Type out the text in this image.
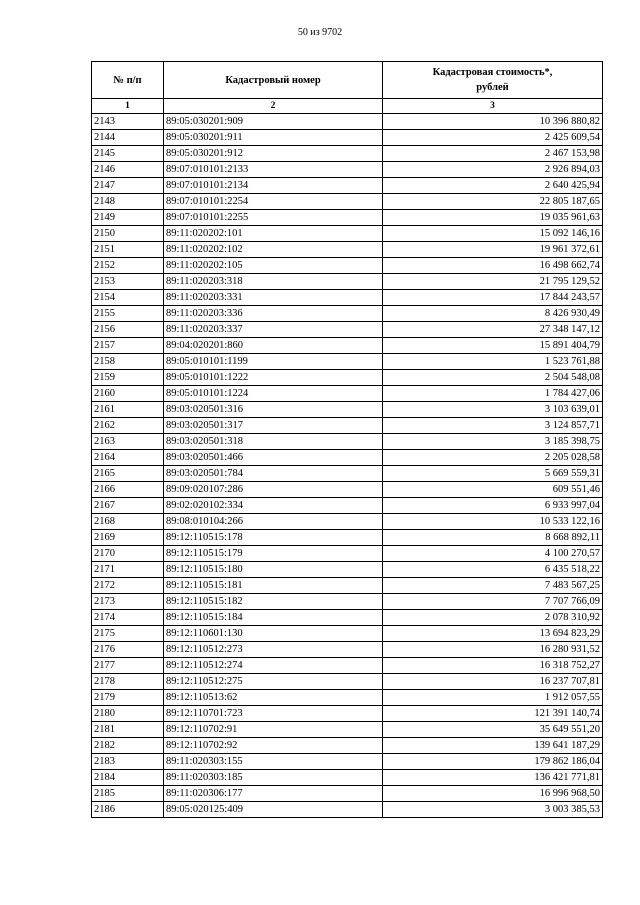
50 из 9702
№ п/п	Кадастровый номер	Кадастровая стоимость*,
рублей
1	2	3
2143	89:05:030201:909	10 396 880,82
2144	89:05:030201:911	2 425 609,54
2145	89:05:030201:912	2 467 153,98
2146	89:07:010101:2133	2 926 894,03
2147	89:07:010101:2134	2 640 425,94
2148	89:07:010101:2254	22 805 187,65
2149	89:07:010101:2255	19 035 961,63
2150	89:11:020202:101	15 092 146,16
2151	89:11:020202:102	19 961 372,61
2152	89:11:020202:105	16 498 662,74
2153	89:11:020203:318	21 795 129,52
2154	89:11:020203:331	17 844 243,57
2155	89:11:020203:336	8 426 930,49
2156	89:11:020203:337	27 348 147,12
2157	89:04:020201:860	15 891 404,79
2158	89:05:010101:1199	1 523 761,88
2159	89:05:010101:1222	2 504 548,08
2160	89:05:010101:1224	1 784 427,06
2161	89:03:020501:316	3 103 639,01
2162	89:03:020501:317	3 124 857,71
2163	89:03:020501:318	3 185 398,75
2164	89:03:020501:466	2 205 028,58
2165	89:03:020501:784	5 669 559,31
2166	89:09:020107:286	609 551,46
2167	89:02:020102:334	6 933 997,04
2168	89:08:010104:266	10 533 122,16
2169	89:12:110515:178	8 668 892,11
2170	89:12:110515:179	4 100 270,57
2171	89:12:110515:180	6 435 518,22
2172	89:12:110515:181	7 483 567,25
2173	89:12:110515:182	7 707 766,09
2174	89:12:110515:184	2 078 310,92
2175	89:12:110601:130	13 694 823,29
2176	89:12:110512:273	16 280 931,52
2177	89:12:110512:274	16 318 752,27
2178	89:12:110512:275	16 237 707,81
2179	89:12:110513:62	1 912 057,55
2180	89:12:110701:723	121 391 140,74
2181	89:12:110702:91	35 649 551,20
2182	89:12:110702:92	139 641 187,29
2183	89:11:020303:155	179 862 186,04
2184	89:11:020303:185	136 421 771,81
2185	89:11:020306:177	16 996 968,50
2186	89:05:020125:409	3 003 385,53
